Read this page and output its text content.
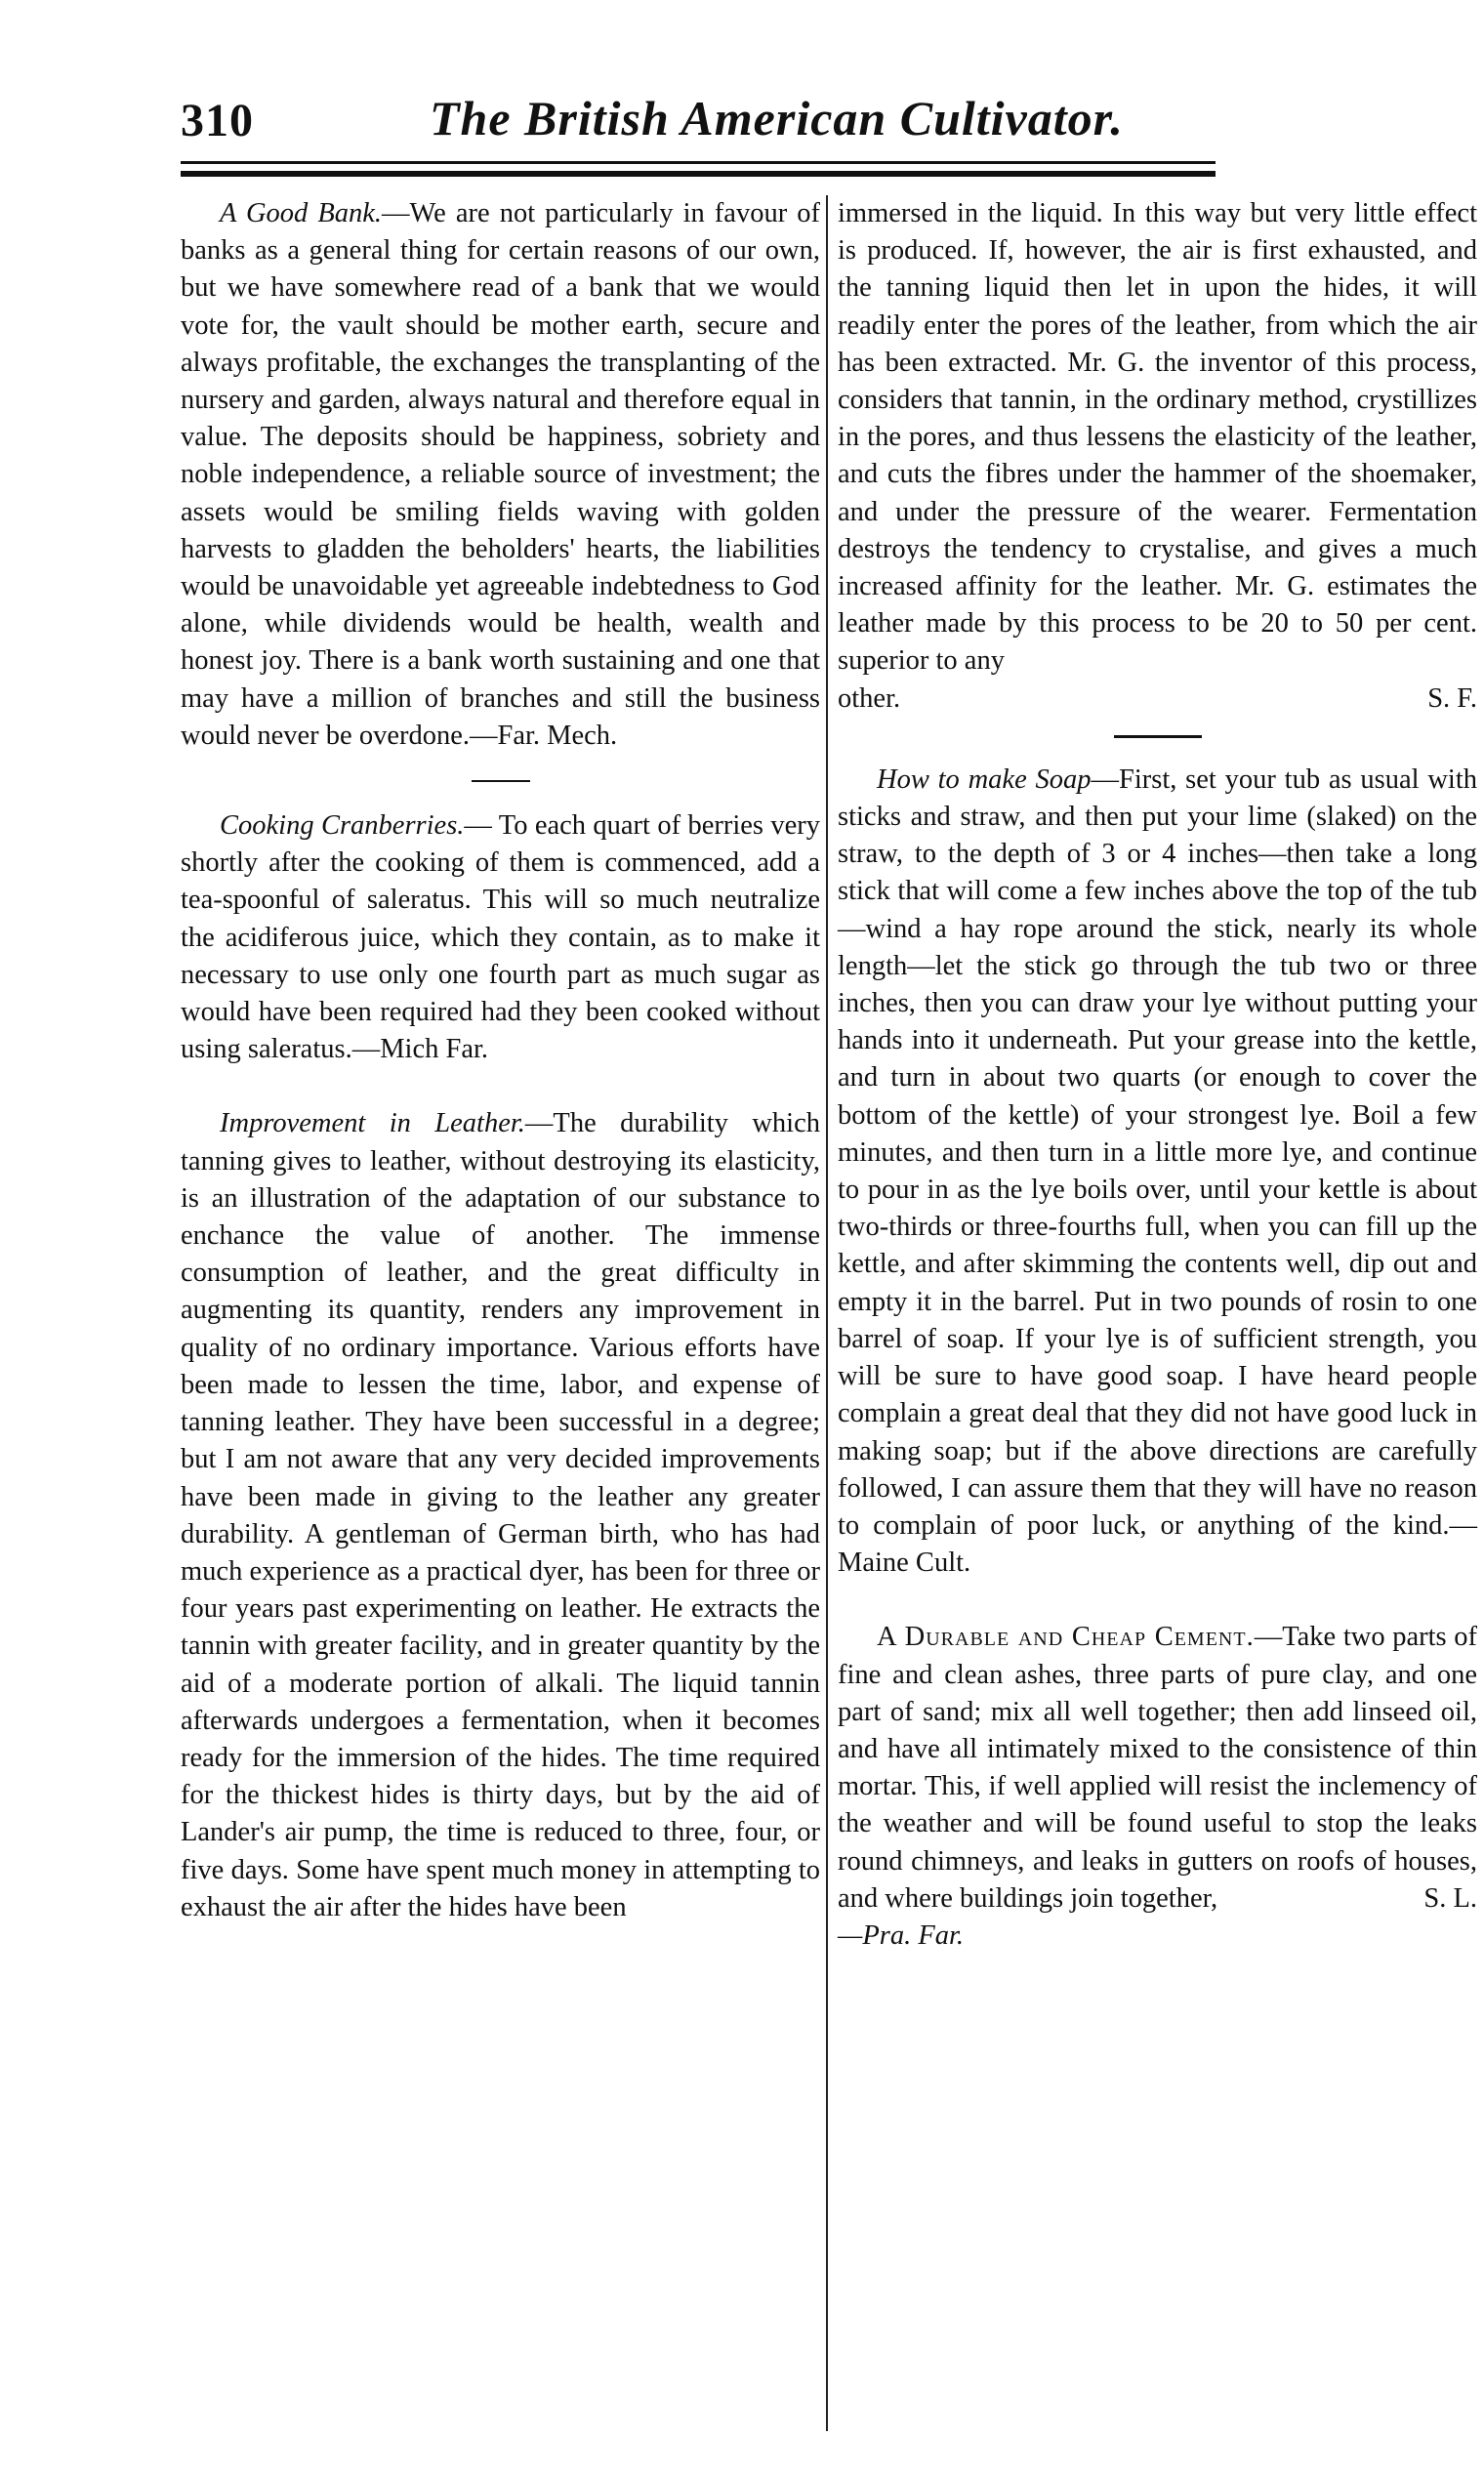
310	The British American Cultivator.

A Good Bank.—We are not particularly in favour of banks as a general thing for certain reasons of our own, but we have somewhere read of a bank that we would vote for, the vault should be mother earth, secure and always profitable, the exchanges the transplanting of the nursery and garden, always natural and therefore equal in value. The deposits should be happiness, sobriety and noble independence, a reliable source of investment; the assets would be smiling fields waving with golden harvests to gladden the beholders' hearts, the liabilities would be unavoidable yet agreeable indebtedness to God alone, while dividends would be health, wealth and honest joy. There is a bank worth sustaining and one that may have a million of branches and still the business would never be overdone.—Far. Mech.

Cooking Cranberries.— To each quart of berries very shortly after the cooking of them is commenced, add a tea-spoonful of saleratus. This will so much neutralize the acidiferous juice, which they contain, as to make it necessary to use only one fourth part as much sugar as would have been required had they been cooked without using saleratus.—Mich Far.

Improvement in Leather.—The durability which tanning gives to leather, without destroying its elasticity, is an illustration of the adaptation of our substance to enchance the value of another. The immense consumption of leather, and the great difficulty in augmenting its quantity, renders any improvement in quality of no ordinary importance. Various efforts have been made to lessen the time, labor, and expense of tanning leather. They have been successful in a degree; but I am not aware that any very decided improvements have been made in giving to the leather any greater durability. A gentleman of German birth, who has had much experience as a practical dyer, has been for three or four years past experimenting on leather. He extracts the tannin with greater facility, and in greater quantity by the aid of a moderate portion of alkali. The liquid tannin afterwards undergoes a fermentation, when it becomes ready for the immersion of the hides. The time required for the thickest hides is thirty days, but by the aid of Lander's air pump, the time is reduced to three, four, or five days. Some have spent much money in attempting to exhaust the air after the hides have been

immersed in the liquid. In this way but very little effect is produced. If, however, the air is first exhausted, and the tanning liquid then let in upon the hides, it will readily enter the pores of the leather, from which the air has been extracted. Mr. G. the inventor of this process, considers that tannin, in the ordinary method, crystillizes in the pores, and thus lessens the elasticity of the leather, and cuts the fibres under the hammer of the shoemaker, and under the pressure of the wearer. Fermentation destroys the tendency to crystalise, and gives a much increased affinity for the leather. Mr. G. estimates the leather made by this process to be 20 to 50 per cent. superior to any

other.	S. F.

How to make Soap—First, set your tub as usual with sticks and straw, and then put your lime (slaked) on the straw, to the depth of 3 or 4 inches—then take a long stick that will come a few inches above the top of the tub—wind a hay rope around the stick, nearly its whole length—let the stick go through the tub two or three inches, then you can draw your lye without putting your hands into it underneath. Put your grease into the kettle, and turn in about two quarts (or enough to cover the bottom of the kettle) of your strongest lye. Boil a few minutes, and then turn in a little more lye, and continue to pour in as the lye boils over, until your kettle is about two-thirds or three-fourths full, when you can fill up the kettle, and after skimming the contents well, dip out and empty it in the barrel. Put in two pounds of rosin to one barrel of soap. If your lye is of sufficient strength, you will be sure to have good soap. I have heard people complain a great deal that they did not have good luck in making soap; but if the above directions are carefully followed, I can assure them that they will have no reason to complain of poor luck, or anything of the kind.—Maine Cult.

A Durable and Cheap Cement.—Take two parts of fine and clean ashes, three parts of pure clay, and one part of sand; mix all well together; then add linseed oil, and have all intimately mixed to the consistence of thin mortar. This, if well applied will resist the inclemency of the weather and will be found useful to stop the leaks round chimneys, and leaks in gutters on roofs of houses, and where buildings join together,	S. L.

—Pra. Far.
